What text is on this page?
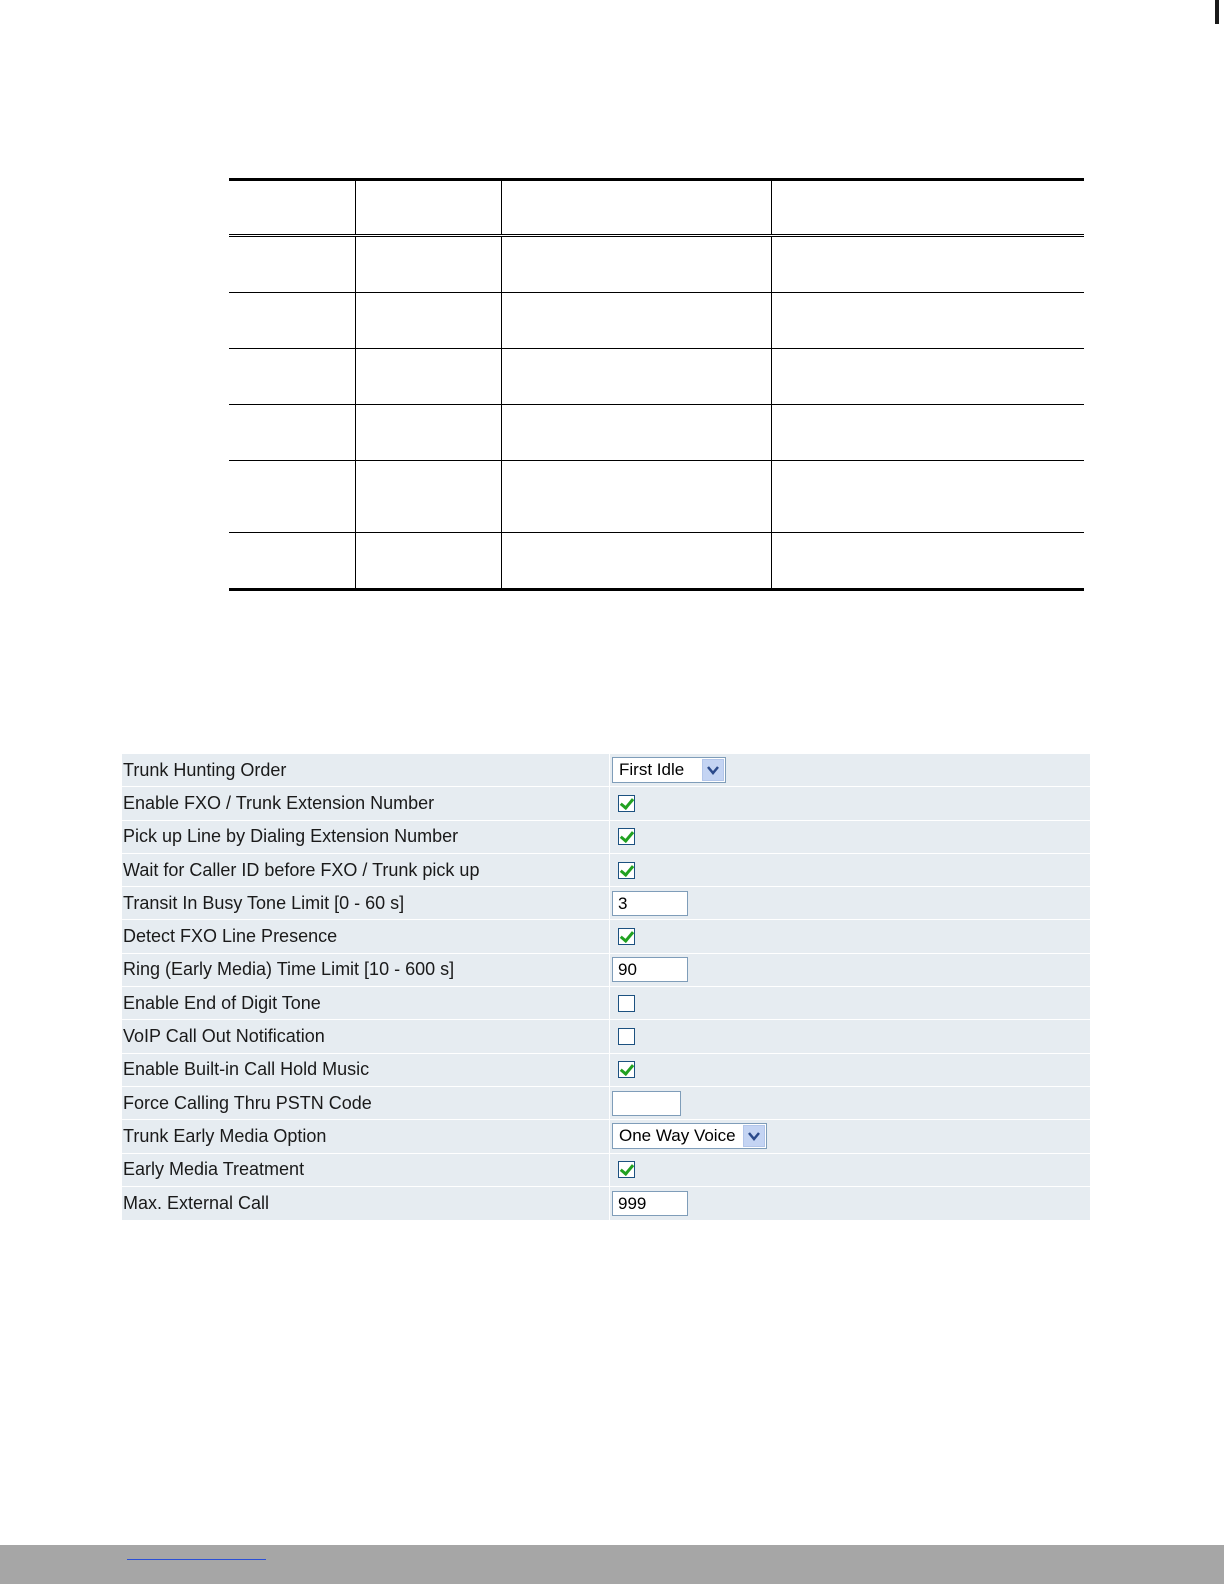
Trunk Hunting Order	First Idle
Enable FXO / Trunk Extension Number
Pick up Line by Dialing Extension Number
Wait for Caller ID before FXO / Trunk pick up
Transit In Busy Tone Limit [0 - 60 s]	3
Detect FXO Line Presence
Ring (Early Media) Time Limit [10 - 600 s]	90
Enable End of Digit Tone
VoIP Call Out Notification
Enable Built-in Call Hold Music
Force Calling Thru PSTN Code
Trunk Early Media Option	One Way Voice
Early Media Treatment
Max. External Call	999
